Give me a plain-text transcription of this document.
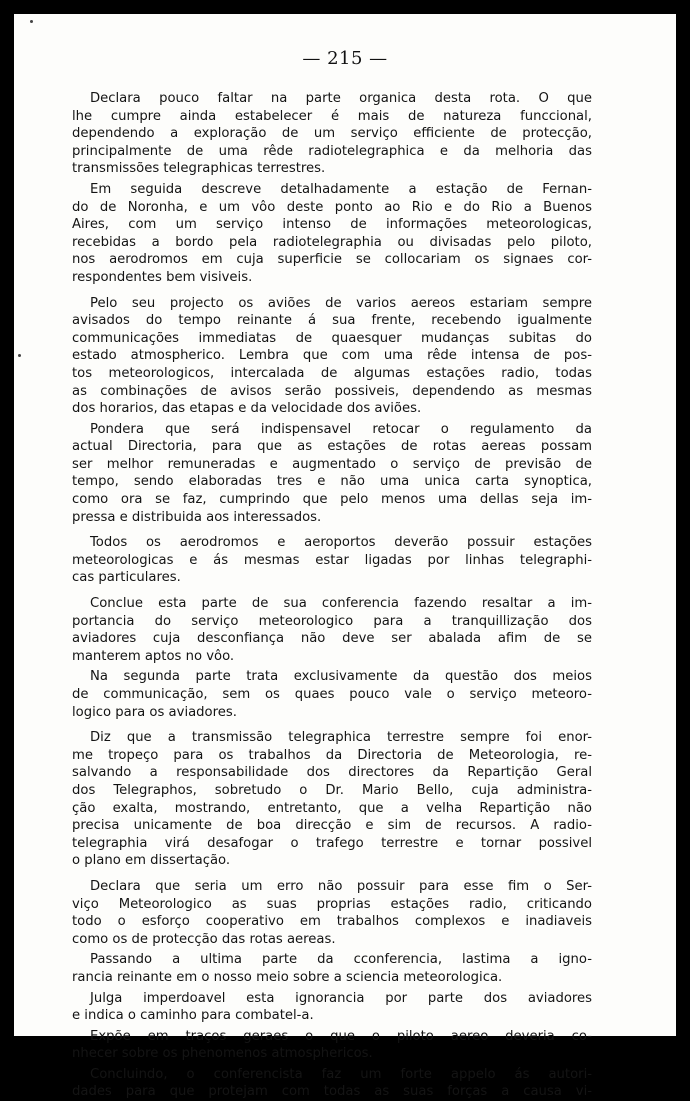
— 215 —
Declara pouco faltar na parte organica desta rota. O que
lhe cumpre ainda estabelecer é mais de natureza funccional,
dependendo a exploração de um serviço efficiente de protecção,
principalmente de uma rêde radiotelegraphica e da melhoria das
transmissões telegraphicas terrestres.
Em seguida descreve detalhadamente a estação de Fernan-
do de Noronha, e um vôo deste ponto ao Rio e do Rio a Buenos
Aires, com um serviço intenso de informações meteorologicas,
recebidas a bordo pela radiotelegraphia ou divisadas pelo piloto,
nos aerodromos em cuja superficie se collocariam os signaes cor-
respondentes bem visiveis.
Pelo seu projecto os aviões de varios aereos estariam sempre
avisados do tempo reinante á sua frente, recebendo igualmente
communicações immediatas de quaesquer mudanças subitas do
estado atmospherico. Lembra que com uma rêde intensa de pos-
tos meteorologicos, intercalada de algumas estações radio, todas
as combinações de avisos serão possiveis, dependendo as mesmas
dos horarios, das etapas e da velocidade dos aviões.
Pondera que será indispensavel retocar o regulamento da
actual Directoria, para que as estações de rotas aereas possam
ser melhor remuneradas e augmentado o serviço de previsão de
tempo, sendo elaboradas tres e não uma unica carta synoptica,
como ora se faz, cumprindo que pelo menos uma dellas seja im-
pressa e distribuida aos interessados.
Todos os aerodromos e aeroportos deverão possuir estações
meteorologicas e ás mesmas estar ligadas por linhas telegraphi-
cas particulares.
Conclue esta parte de sua conferencia fazendo resaltar a im-
portancia do serviço meteorologico para a tranquillização dos
aviadores cuja desconfiança não deve ser abalada afim de se
manterem aptos no vôo.
Na segunda parte trata exclusivamente da questão dos meios
de communicação, sem os quaes pouco vale o serviço meteoro-
logico para os aviadores.
Diz que a transmissão telegraphica terrestre sempre foi enor-
me tropeço para os trabalhos da Directoria de Meteorologia, re-
salvando a responsabilidade dos directores da Repartição Geral
dos Telegraphos, sobretudo o Dr. Mario Bello, cuja administra-
ção exalta, mostrando, entretanto, que a velha Repartição não
precisa unicamente de boa direcção e sim de recursos. A radio-
telegraphia virá desafogar o trafego terrestre e tornar possivel
o plano em dissertação.
Declara que seria um erro não possuir para esse fim o Ser-
viço Meteorologico as suas proprias estações radio, criticando
todo o esforço cooperativo em trabalhos complexos e inadiaveis
como os de protecção das rotas aereas.
Passando a ultima parte da cconferencia, lastima a igno-
rancia reinante em o nosso meio sobre a sciencia meteorologica.
Julga imperdoavel esta ignorancia por parte dos aviadores
e indica o caminho para combatel-a.
Expõe em traços geraes o que o piloto aereo deveria co-
nhecer sobre os phenomenos atmosphericos.
Concluindo, o conferencista faz um forte appelo ás autori-
dades para que protejam com todas as suas forças a causa vi-
